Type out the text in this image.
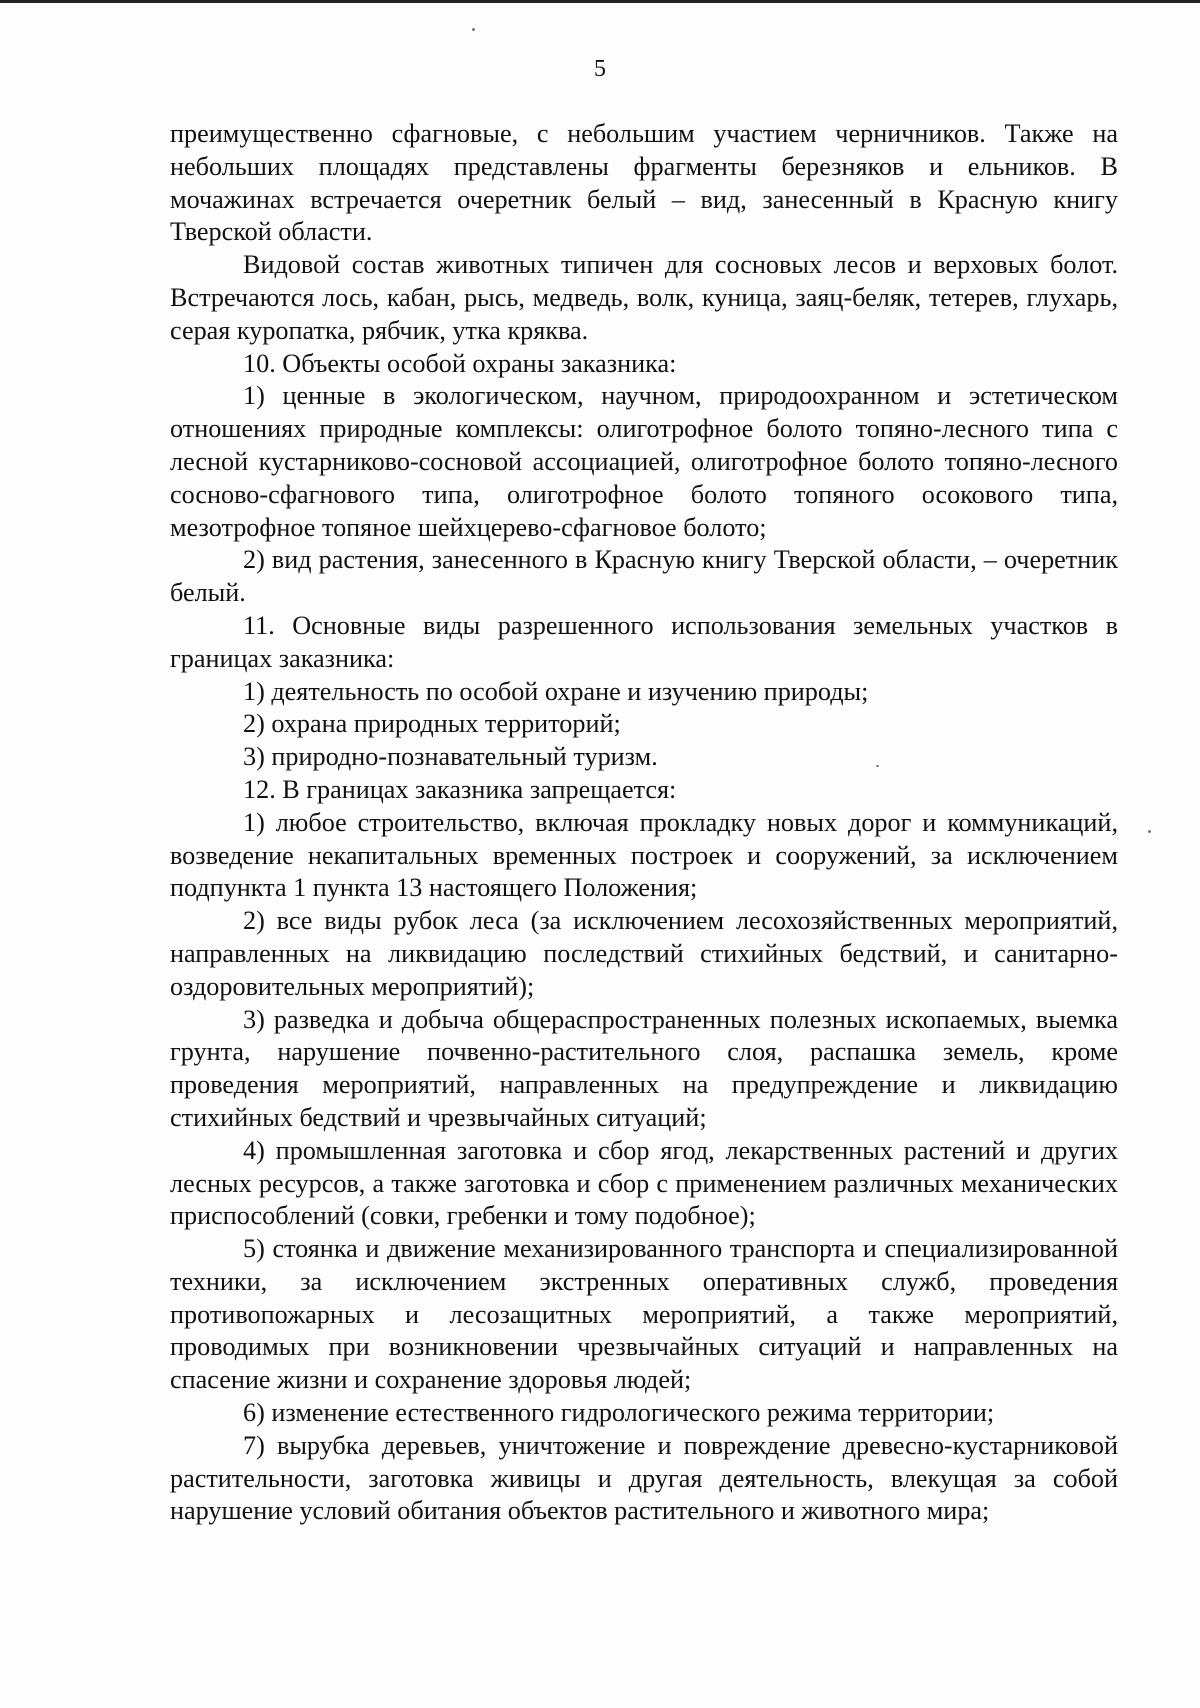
5

преимущественно сфагновые, с небольшим участием черничников. Также на небольших площадях представлены фрагменты березняков и ельников. В мочажинах встречается очеретник белый – вид, занесенный в Красную книгу Тверской области.

Видовой состав животных типичен для сосновых лесов и верховых болот. Встречаются лось, кабан, рысь, медведь, волк, куница, заяц-беляк, тетерев, глухарь, серая куропатка, рябчик, утка кряква.

10. Объекты особой охраны заказника:

1) ценные в экологическом, научном, природоохранном и эстетическом отношениях природные комплексы: олиготрофное болото топяно-лесного типа с лесной кустарниково-сосновой ассоциацией, олиготрофное болото топяно-лесного сосново-сфагнового типа, олиготрофное болото топяного осокового типа, мезотрофное топяное шейхцерево-сфагновое болото;

2) вид растения, занесенного в Красную книгу Тверской области, – очеретник белый.

11. Основные виды разрешенного использования земельных участков в границах заказника:

1) деятельность по особой охране и изучению природы;

2) охрана природных территорий;

3) природно-познавательный туризм.

12. В границах заказника запрещается:

1) любое строительство, включая прокладку новых дорог и коммуникаций, возведение некапитальных временных построек и сооружений, за исключением подпункта 1 пункта 13 настоящего Положения;

2) все виды рубок леса (за исключением лесохозяйственных мероприятий, направленных на ликвидацию последствий стихийных бедствий, и санитарно-оздоровительных мероприятий);

3) разведка и добыча общераспространенных полезных ископаемых, выемка грунта, нарушение почвенно-растительного слоя, распашка земель, кроме проведения мероприятий, направленных на предупреждение и ликвидацию стихийных бедствий и чрезвычайных ситуаций;

4) промышленная заготовка и сбор ягод, лекарственных растений и других лесных ресурсов, а также заготовка и сбор с применением различных механических приспособлений (совки, гребенки и тому подобное);

5) стоянка и движение механизированного транспорта и специализированной техники, за исключением экстренных оперативных служб, проведения противопожарных и лесозащитных мероприятий, а также мероприятий, проводимых при возникновении чрезвычайных ситуаций и направленных на спасение жизни и сохранение здоровья людей;

6) изменение естественного гидрологического режима территории;

7) вырубка деревьев, уничтожение и повреждение древесно-кустарниковой растительности, заготовка живицы и другая деятельность, влекущая за собой нарушение условий обитания объектов растительного и животного мира;
